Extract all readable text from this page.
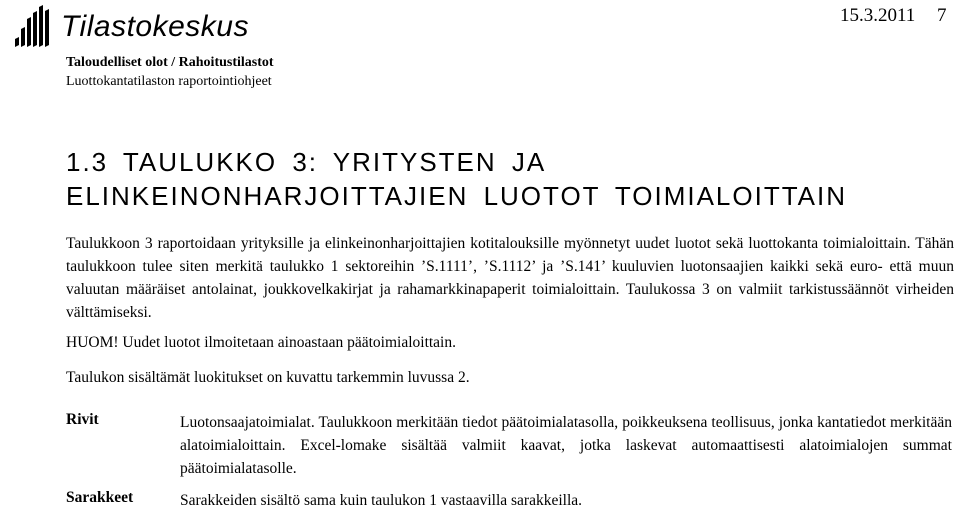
Tilastokeskus
Taloudelliset olot / Rahoitustilastot
Luottokantatilaston raportointiohjeet
15.3.2011 7
1.3 TAULUKKO 3: YRITYSTEN JA
ELINKEINONHARJOITTAJIEN LUOTOT TOIMIALOITTAIN
Taulukkoon 3 raportoidaan yrityksille ja elinkeinonharjoittajien kotitalouksille myönnetyt uudet luotot sekä luottokanta toimialoittain. Tähän taulukkoon tulee siten merkitä taulukko 1 sektoreihin ’S.1111’, ’S.1112’ ja ’S.141’ kuuluvien luotonsaajien kaikki sekä euro- että muun valuutan määräiset antolainat, joukkovelkakirjat ja rahamarkkinapaperit toimialoittain. Taulukossa 3 on valmiit tarkistussäännöt virheiden välttämiseksi.
HUOM! Uudet luotot ilmoitetaan ainoastaan päätoimialoittain.
Taulukon sisältämät luokitukset on kuvattu tarkemmin luvussa 2.
Rivit	Luotonsaajatoimialat. Taulukkoon merkitään tiedot päätoimialatasolla, poikkeuksena teollisuus, jonka kantatiedot merkitään alatoimialoittain. Excel-lomake sisältää valmiit kaavat, jotka laskevat automaattisesti alatoimialojen summat päätoimialatasolle.
Sarakkeet	Sarakkeiden sisältö sama kuin taulukon 1 vastaavilla sarakkeilla.
